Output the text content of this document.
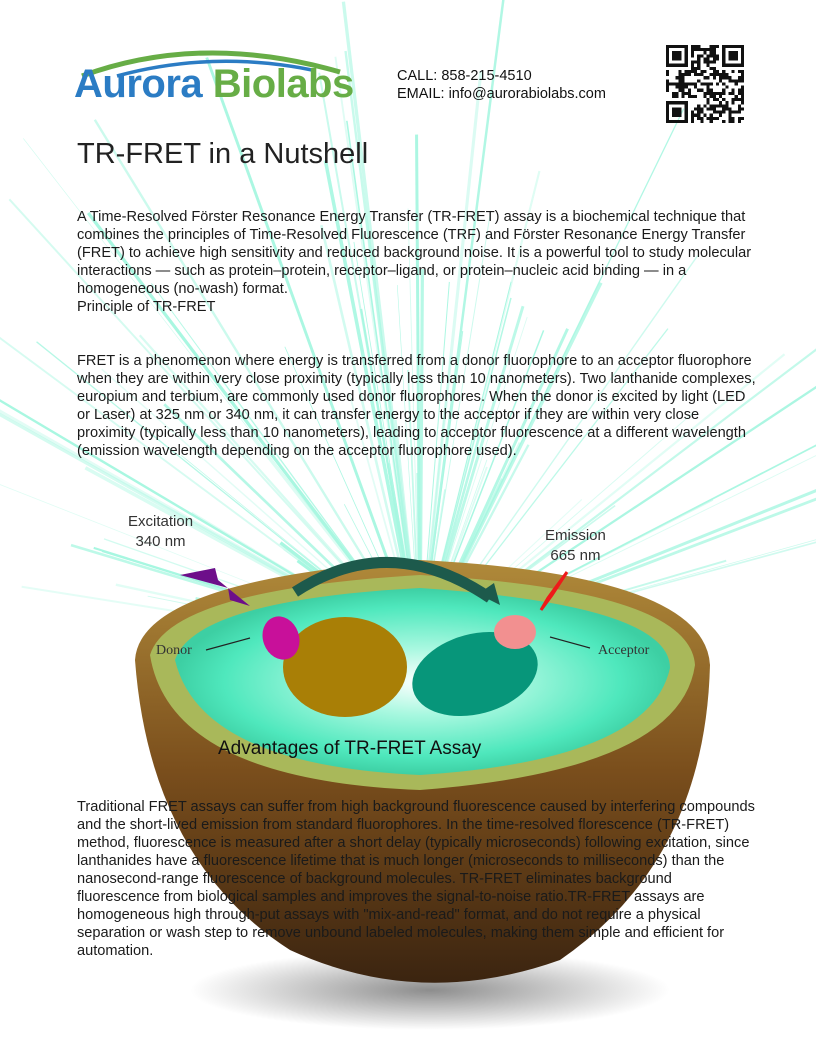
Aurora Biolabs	CALL: 858-215-4510
EMAIL: info@aurorabiolabs.com
TR-FRET in a Nutshell

A Time-Resolved Förster Resonance Energy Transfer (TR-FRET) assay is a biochemical technique that combines the principles of Time-Resolved Fluorescence (TRF) and Förster Resonance Energy Transfer (FRET) to achieve high sensitivity and reduced background noise. It is a powerful tool to study molecular interactions — such as protein–protein, receptor–ligand, or protein–nucleic acid binding — in a homogeneous (no-wash) format.
Principle of TR-FRET

FRET is a phenomenon where energy is transferred from a donor fluorophore to an acceptor fluorophore when they are within very close proximity (typically less than 10 nanometers). Two lanthanide complexes, europium and terbium, are commonly used donor fluorophores. When the donor is excited by light (LED or Laser) at 325 nm or 340 nm, it can transfer energy to the acceptor if they are within very close proximity (typically less than 10 nanometers), leading to acceptor fluorescence at a different wavelength (emission wavelength depending on the acceptor fluorophore used).

Excitation
340 nm	Emission
665 nm
Donor	Acceptor
Advantages of TR-FRET Assay

Traditional FRET assays can suffer from high background fluorescence caused by interfering compounds and the short-lived emission from standard fluorophores. In the time-resolved florescence (TR-FRET) method, fluorescence is measured after a short delay (typically microseconds) following excitation, since lanthanides have a fluorescence lifetime that is much longer (microseconds to milliseconds) than the nanosecond-range fluorescence of background molecules. TR-FRET eliminates background fluorescence from biological samples and improves the signal-to-noise ratio.TR-FRET assays are homogeneous high through-put assays with "mix-and-read" format, and do not require a physical separation or wash step to remove unbound labeled molecules, making them simple and efficient for automation.
